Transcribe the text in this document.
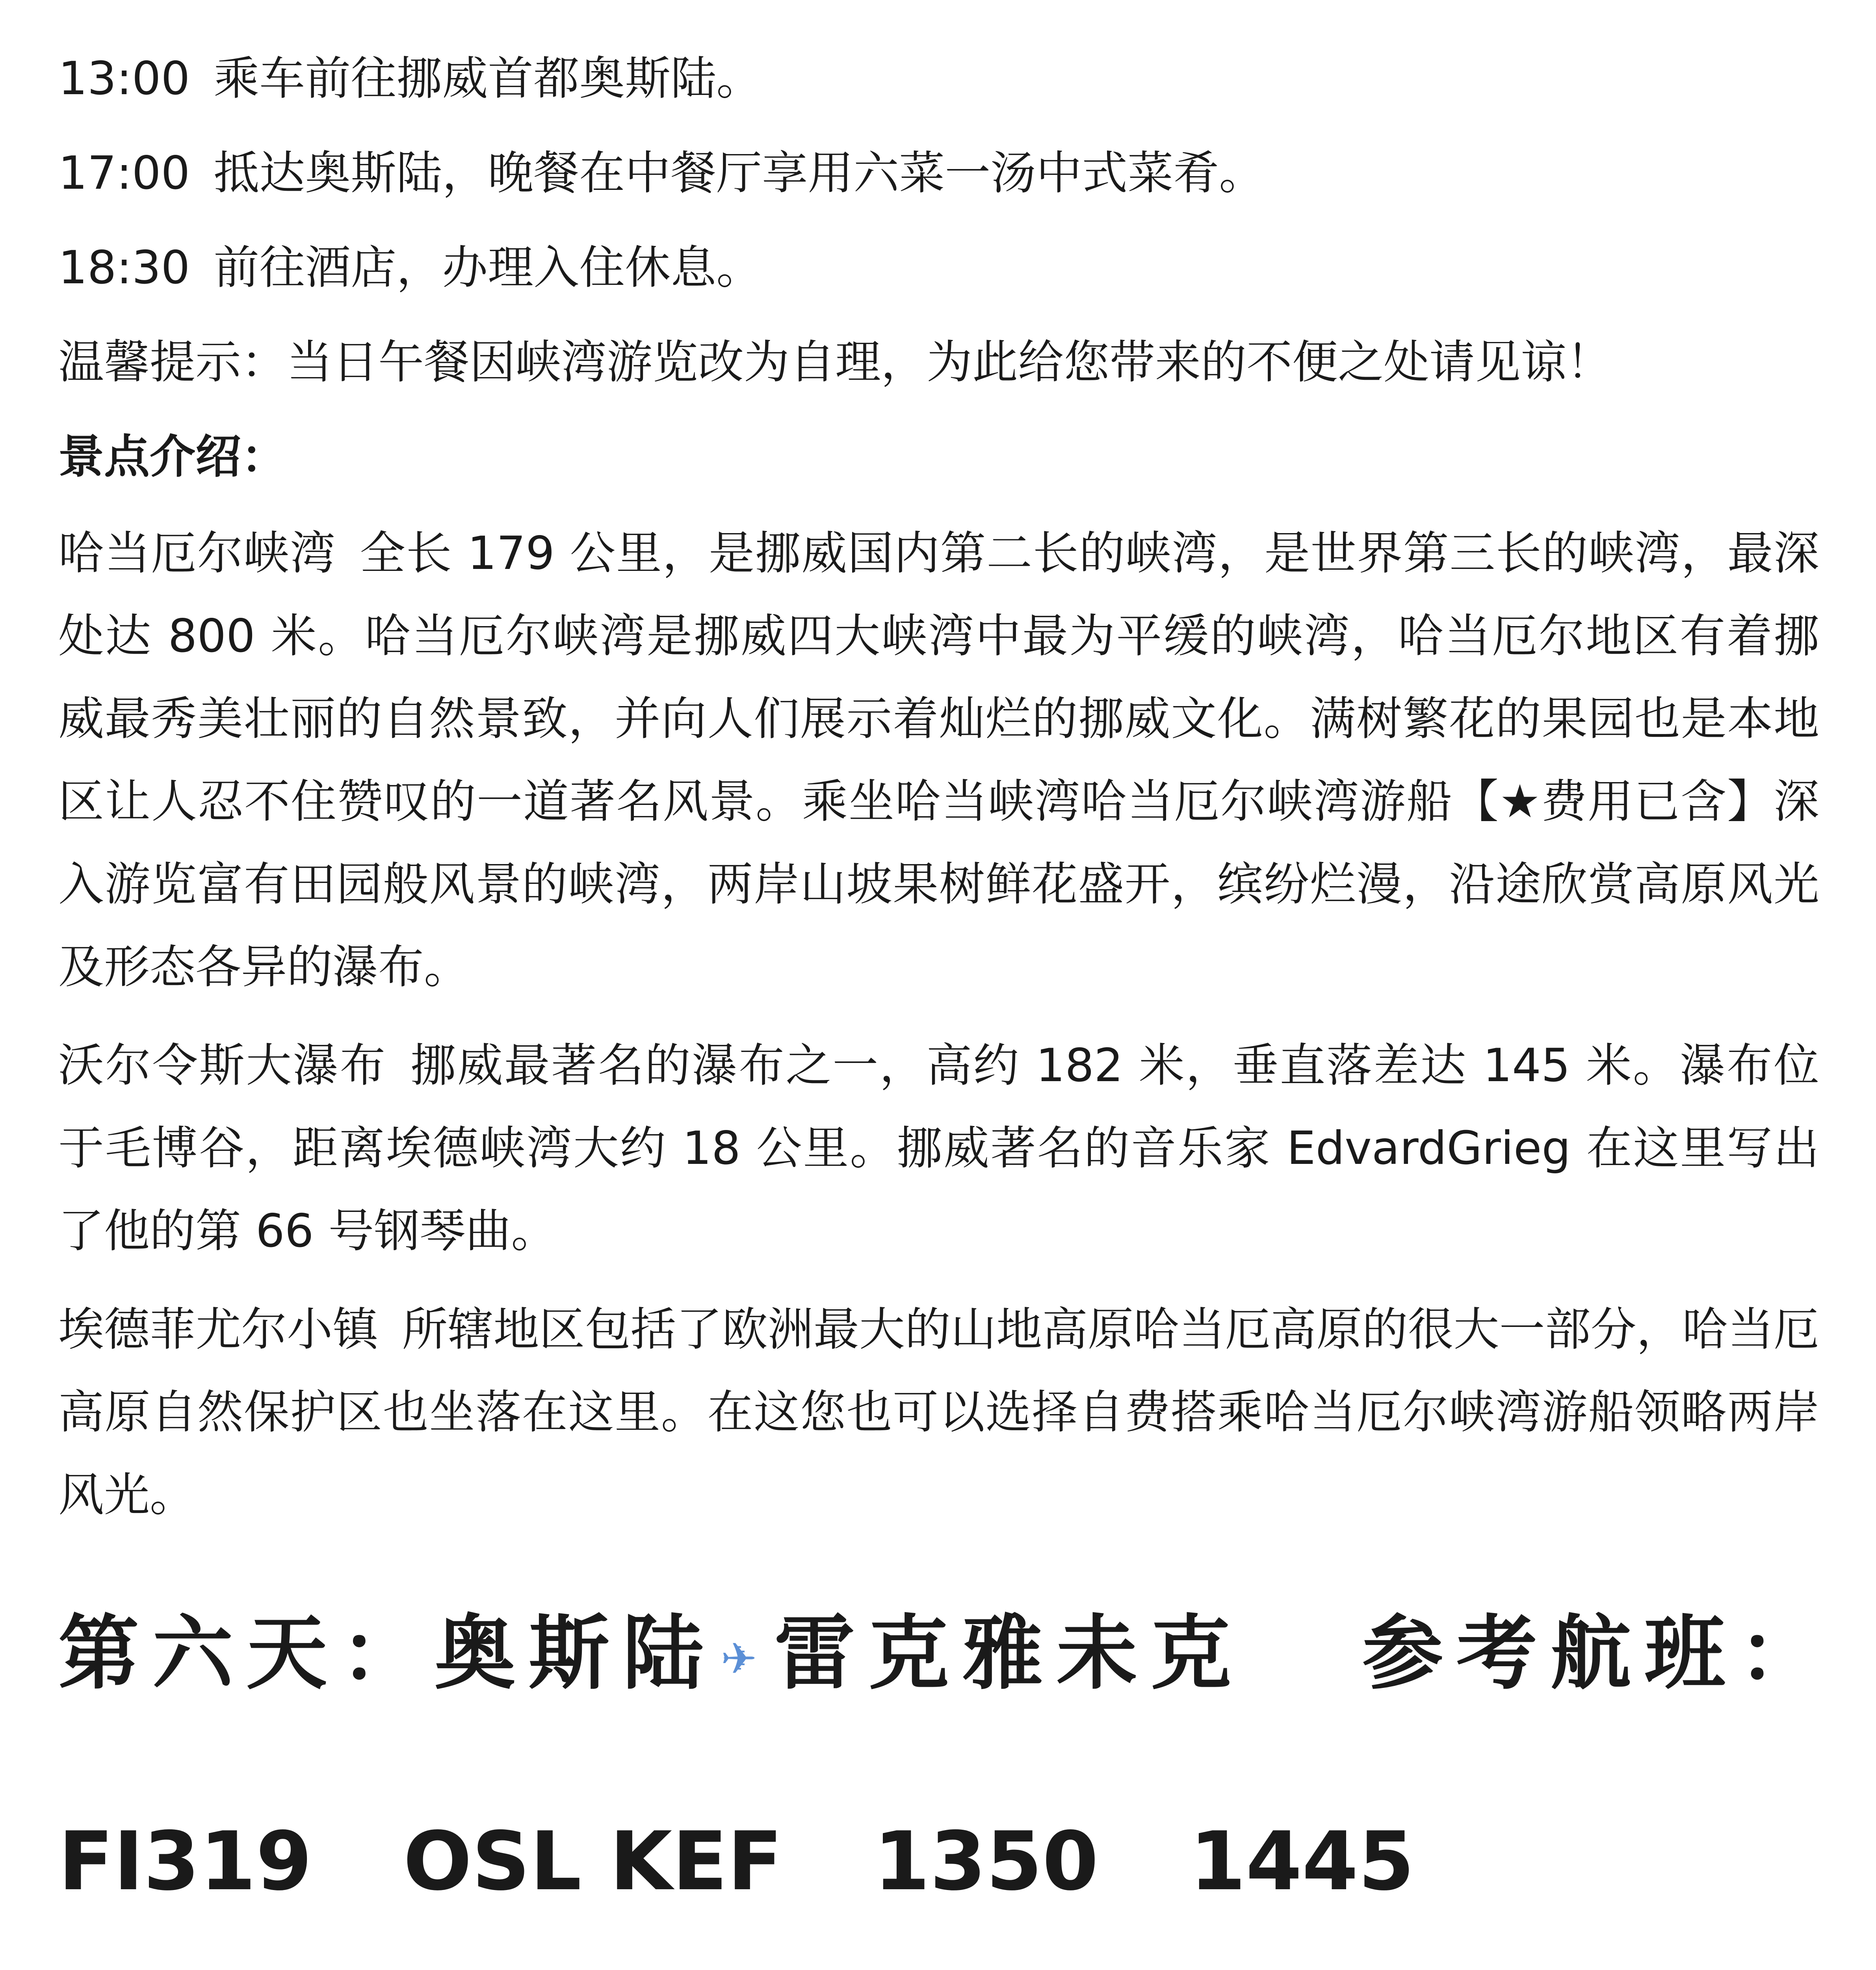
13:00 乘车前往挪威首都奥斯陆。
17:00 抵达奥斯陆，晚餐在中餐厅享用六菜一汤中式菜肴。
18:30 前往酒店，办理入住休息。
温馨提示：当日午餐因峡湾游览改为自理，为此给您带来的不便之处请见谅！
景点介绍：
哈当厄尔峡湾 全长 179 公里，是挪威国内第二长的峡湾，是世界第三长的峡湾，最深处达 800 米。哈当厄尔峡湾是挪威四大峡湾中最为平缓的峡湾，哈当厄尔地区有着挪威最秀美壮丽的自然景致，并向人们展示着灿烂的挪威文化。满树繁花的果园也是本地区让人忍不住赞叹的一道著名风景。乘坐哈当峡湾哈当厄尔峡湾游船【★费用已含】深入游览富有田园般风景的峡湾，两岸山坡果树鲜花盛开，缤纷烂漫，沿途欣赏高原风光及形态各异的瀑布。
沃尔令斯大瀑布 挪威最著名的瀑布之一，高约 182 米，垂直落差达 145 米。瀑布位于毛博谷，距离埃德峡湾大约 18 公里。挪威著名的音乐家 EdvardGrieg 在这里写出了他的第 66 号钢琴曲。
埃德菲尤尔小镇 所辖地区包括了欧洲最大的山地高原哈当厄高原的很大一部分，哈当厄高原自然保护区也坐落在这里。在这您也可以选择自费搭乘哈当厄尔峡湾游船领略两岸风光。
第六天：奥斯陆✈雷克雅未克 参考航班：FI319 OSL KEF 1350 1445
